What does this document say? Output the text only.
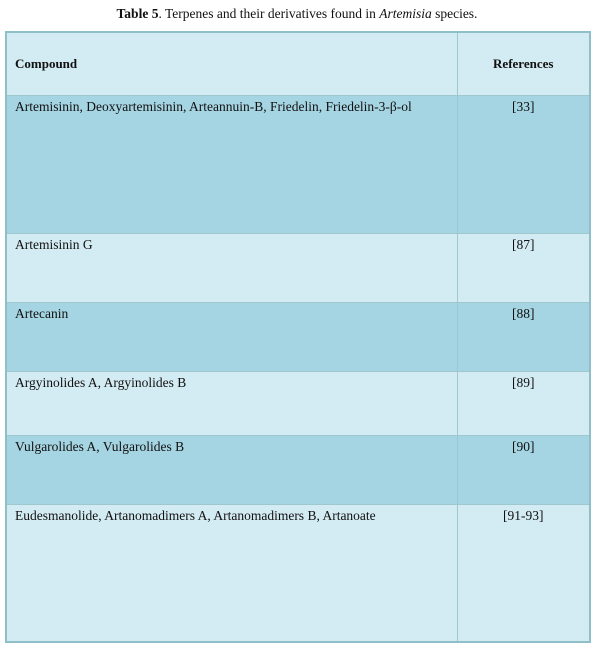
Table 5. Terpenes and their derivatives found in Artemisia species.
Compound	References
Artemisinin, Deoxyartemisinin, Arteannuin-B, Friedelin, Friedelin-3-β-ol	[33]
Artemisinin G	[87]
Artecanin	[88]
Argyinolides A, Argyinolides B	[89]
Vulgarolides A, Vulgarolides B	[90]
Eudesmanolide, Artanomadimers A, Artanomadimers B, Artanoate	[91-93]
